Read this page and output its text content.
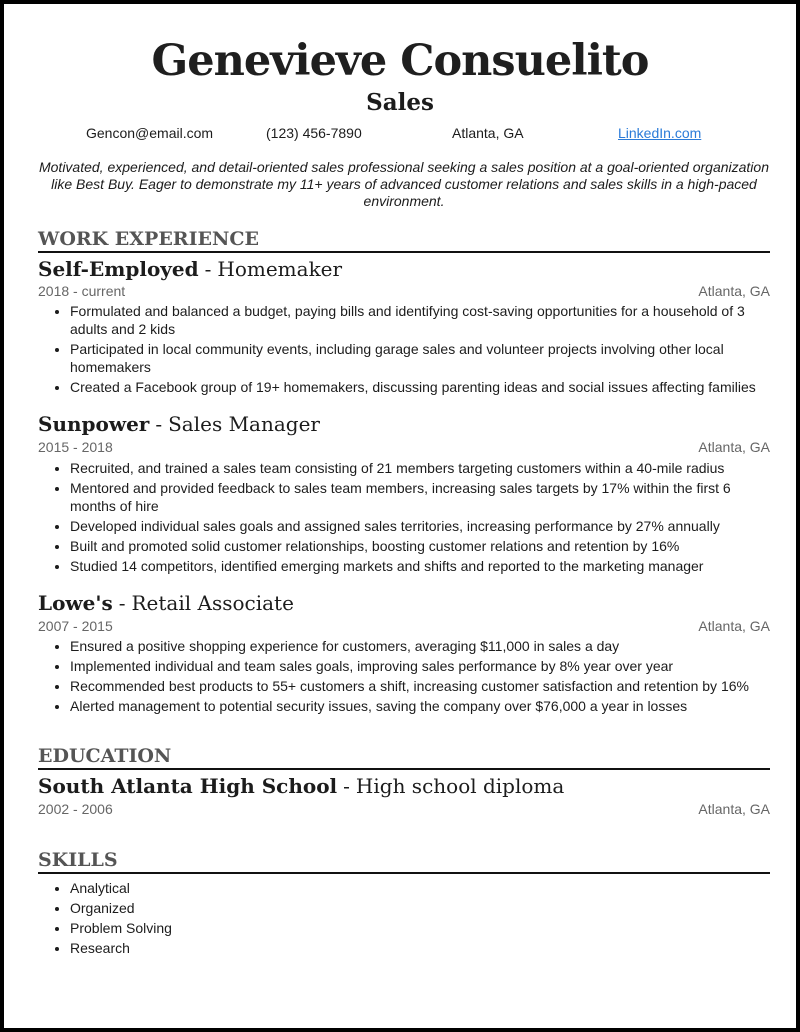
Genevieve Consuelito
Sales
Gencon@email.com	(123) 456-7890	Atlanta, GA	LinkedIn.com
Motivated, experienced, and detail-oriented sales professional seeking a sales position at a goal-oriented organization like Best Buy. Eager to demonstrate my 11+ years of advanced customer relations and sales skills in a high-paced environment.
WORK EXPERIENCE
Self-Employed - Homemaker
2018 - current	Atlanta, GA
• Formulated and balanced a budget, paying bills and identifying cost-saving opportunities for a household of 3 adults and 2 kids
• Participated in local community events, including garage sales and volunteer projects involving other local homemakers
• Created a Facebook group of 19+ homemakers, discussing parenting ideas and social issues affecting families
Sunpower - Sales Manager
2015 - 2018	Atlanta, GA
• Recruited, and trained a sales team consisting of 21 members targeting customers within a 40-mile radius
• Mentored and provided feedback to sales team members, increasing sales targets by 17% within the first 6 months of hire
• Developed individual sales goals and assigned sales territories, increasing performance by 27% annually
• Built and promoted solid customer relationships, boosting customer relations and retention by 16%
• Studied 14 competitors, identified emerging markets and shifts and reported to the marketing manager
Lowe's - Retail Associate
2007 - 2015	Atlanta, GA
• Ensured a positive shopping experience for customers, averaging $11,000 in sales a day
• Implemented individual and team sales goals, improving sales performance by 8% year over year
• Recommended best products to 55+ customers a shift, increasing customer satisfaction and retention by 16%
• Alerted management to potential security issues, saving the company over $76,000 a year in losses
EDUCATION
South Atlanta High School - High school diploma
2002 - 2006	Atlanta, GA
SKILLS
• Analytical
• Organized
• Problem Solving
• Research
